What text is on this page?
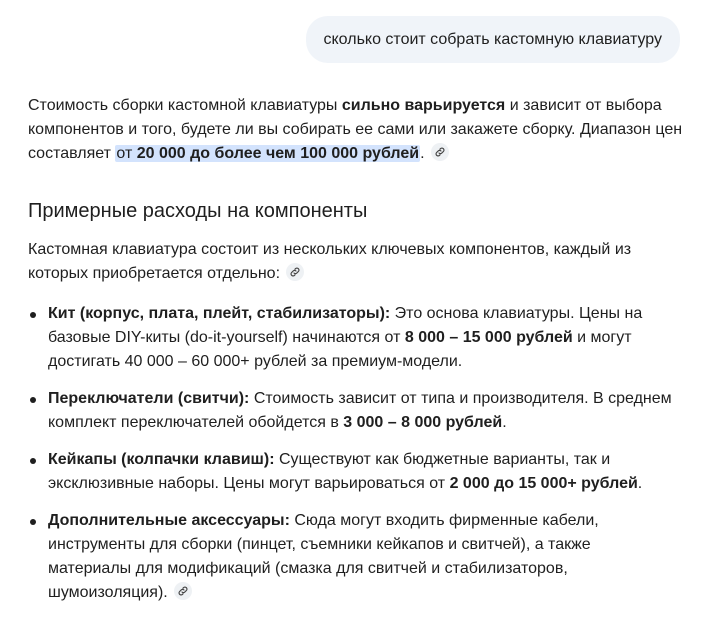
сколько стоит собрать кастомную клавиатуру

Стоимость сборки кастомной клавиатуры сильно варьируется и зависит от выбора компонентов и того, будете ли вы собирать ее сами или закажете сборку. Диапазон цен составляет от 20 000 до более чем 100 000 рублей.

Примерные расходы на компоненты

Кастомная клавиатура состоит из нескольких ключевых компонентов, каждый из которых приобретается отдельно:

Кит (корпус, плата, плейт, стабилизаторы): Это основа клавиатуры. Цены на базовые DIY-киты (do-it-yourself) начинаются от 8 000 – 15 000 рублей и могут достигать 40 000 – 60 000+ рублей за премиум-модели.
Переключатели (свитчи): Стоимость зависит от типа и производителя. В среднем комплект переключателей обойдется в 3 000 – 8 000 рублей.
Кейкапы (колпачки клавиш): Существуют как бюджетные варианты, так и эксклюзивные наборы. Цены могут варьироваться от 2 000 до 15 000+ рублей.
Дополнительные аксессуары: Сюда могут входить фирменные кабели, инструменты для сборки (пинцет, съемники кейкапов и свитчей), а также материалы для модификаций (смазка для свитчей и стабилизаторов, шумоизоляция).
